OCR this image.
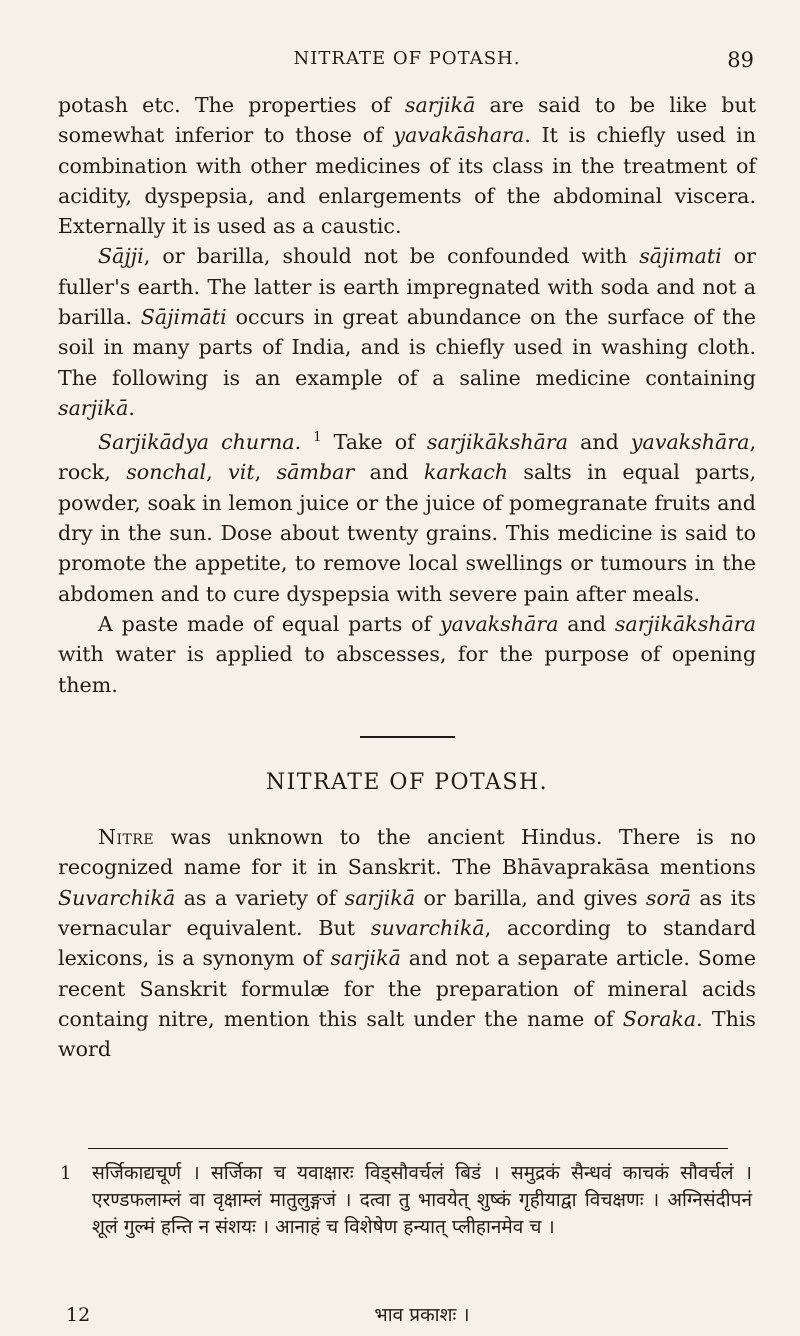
NITRATE OF POTASH.	89

potash etc. The properties of sarjikā are said to be like but somewhat inferior to those of yavakāshara. It is chiefly used in combination with other medicines of its class in the treatment of acidity, dyspepsia, and enlargements of the abdominal viscera. Externally it is used as a caustic.

Sājji, or barilla, should not be confounded with sājimati or fuller's earth. The latter is earth impregnated with soda and not a barilla. Sājimāti occurs in great abundance on the surface of the soil in many parts of India, and is chiefly used in washing cloth. The following is an example of a saline medicine containing sarjikā.

Sarjikādya churna. $^1$ Take of sarjikākshāra and yavakshāra, rock, sonchal, vit, sāmbar and karkach salts in equal parts, powder, soak in lemon juice or the juice of pomegranate fruits and dry in the sun. Dose about twenty grains. This medicine is said to promote the appetite, to remove local swellings or tumours in the abdomen and to cure dyspepsia with severe pain after meals.

A paste made of equal parts of yavakshāra and sarjikākshāra with water is applied to abscesses, for the purpose of opening them.

NITRATE OF POTASH.

Nitre was unknown to the ancient Hindus. There is no recognized name for it in Sanskrit. The Bhāvaprakāsa mentions Suvarchikā as a variety of sarjikā or barilla, and gives sorā as its vernacular equivalent. But suvarchikā, according to standard lexicons, is a synonym of sarjikā and not a separate article. Some recent Sanskrit formulæ for the preparation of mineral acids containg nitre, mention this salt under the name of Soraka. This word

1 सर्जिकाद्यचूर्ण । सर्जिका च यवाक्षारः विड्सौवर्चलं बिडं । समुद्रकं सैन्धवं काचकं सौवर्चलं । एरण्डफलाम्लं वा वृक्षाम्लं मातुलुङ्गजं । दत्वा तु भावयेत् शुष्कं गृहीयाद्वा विचक्षणः । अग्निसंदीपनं शूलं गुल्मं हन्ति न संशयः । आनाहं च विशेषेण हन्यात् प्लीहानमेव च ।
भाव प्रकाशः ।
12
